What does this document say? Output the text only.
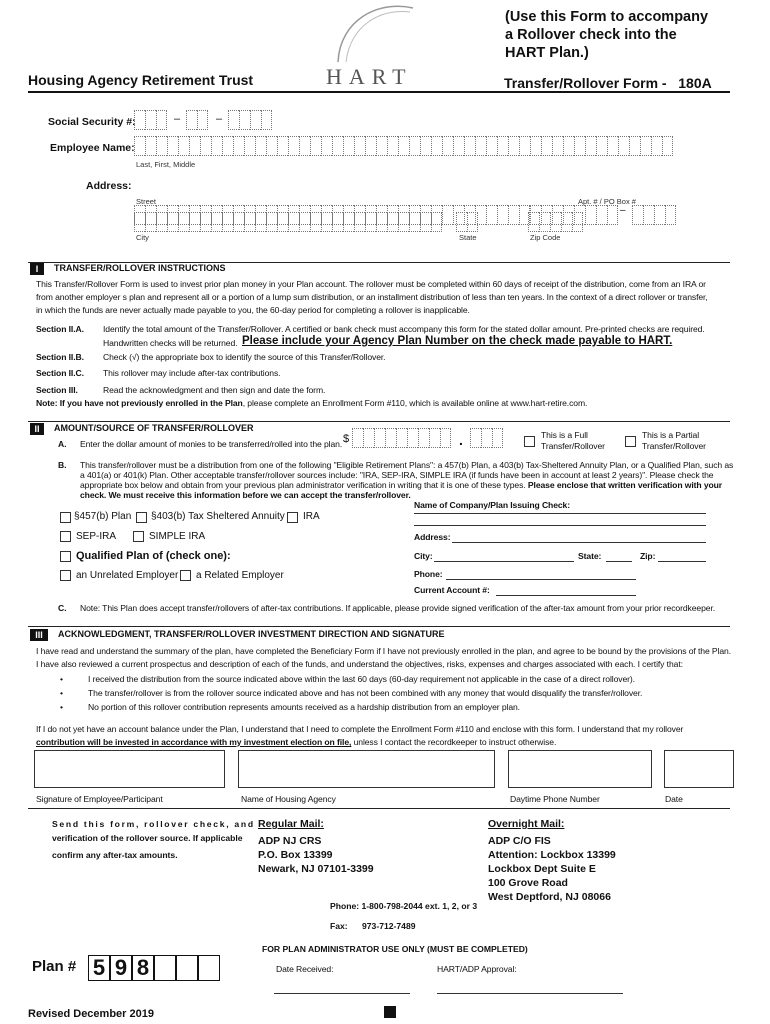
(Use this Form to accompany
a Rollover check into the
HART Plan.)
HART
Housing Agency Retirement Trust	Transfer/Rollover Form -   180A
Social Security #:	–	–
Employee Name:
Last, First, Middle
Address:
Street	Apt. # / PO Box #
–
City	State	Zip Code
I	TRANSFER/ROLLOVER INSTRUCTIONS
This Transfer/Rollover Form is used to invest prior plan money in your Plan account. The rollover must be completed within 60 days of receipt of the distribution, come from an IRA or
from another employer s plan and represent all or a portion of a lump sum distribution, or an installment distribution of less than ten years. In the context of a direct rollover or transfer,
in which the funds are never actually made payable to you, the 60-day period for completing a rollover is inapplicable.
Section II.A. Identify the total amount of the Transfer/Rollover. A certified or bank check must accompany this form for the stated dollar amount. Pre-printed checks are required.
Handwritten checks will be returned. Please include your Agency Plan Number on the check made payable to HART.
Section II.B. Check (√) the appropriate box to identify the source of this Transfer/Rollover.
Section II.C. This rollover may include after-tax contributions.
Section III.	Read the acknowledgment and then sign and date the form.
Note: If you have not previously enrolled in the Plan, please complete an Enrollment Form #110, which is available online at www.hart-retire.com.
II	AMOUNT/SOURCE OF TRANSFER/ROLLOVER
A. Enter the dollar amount of monies to be transferred/rolled into the plan. $	.	This is a Full
Transfer/Rollover
This is a Partial
Transfer/Rollover
B. This transfer/rollover must be a distribution from one of the following "Eligible Retirement Plans": a 457(b) Plan, a 403(b) Tax-Sheltered Annuity Plan, or a Qualified Plan, such as
a 401(a) or 401(k) Plan. Other acceptable transfer/rollover sources include: "IRA, SEP-IRA, SIMPLE IRA (if funds have been in account at least 2 years)". Please check the
appropriate box below and obtain from your previous plan administrator verification in writing that it is one of these types. Please enclose that written verification with your
check. We must receive this information before we can accept the transfer/rollover.
§457(b) Plan §403(b) Tax Sheltered Annuity IRA
SEP-IRA	SIMPLE IRA
Qualified Plan of (check one):
an Unrelated Employer a Related Employer
Name of Company/Plan Issuing Check:
Address:
City:	State:	Zip:
Phone:
Current Account #:
C. Note: This Plan does accept transfer/rollovers of after-tax contributions. If applicable, please provide signed verification of the after-tax amount from your prior recordkeeper.
III	ACKNOWLEDGMENT, TRANSFER/ROLLOVER INVESTMENT DIRECTION AND SIGNATURE
I have read and understand the summary of the plan, have completed the Beneficiary Form if I have not previously enrolled in the plan, and agree to be bound by the provisions of the Plan.
I have also reviewed a current prospectus and description of each of the funds, and understand the objectives, risks, expenses and charges associated with each. I certify that:
•	I received the distribution from the source indicated above within the last 60 days (60-day requirement not applicable in the case of a direct rollover).
•	The transfer/rollover is from the rollover source indicated above and has not been combined with any money that would disqualify the transfer/rollover.
•	No portion of this rollover contribution represents amounts received as a hardship distribution from an employer plan.
If I do not yet have an account balance under the Plan, I understand that I need to complete the Enrollment Form #110 and enclose with this form. I understand that my rollover
contribution will be invested in accordance with my investment election on file, unless I contact the recordkeeper to instruct otherwise.
Signature of Employee/Participant	Name of Housing Agency	Daytime Phone Number	Date
Send this form, rollover check, and
verification of the rollover source. If applicable
confirm any after-tax amounts.
Regular Mail:
ADP NJ CRS
P.O. Box 13399
Newark, NJ 07101-3399
Overnight Mail:
ADP C/O FIS
Attention: Lockbox 13399
Lockbox Dept Suite E
100 Grove Road
West Deptford, NJ 08066
Phone: 1-800-798-2044 ext. 1, 2, or 3
Fax: 973-712-7489
FOR PLAN ADMINISTRATOR USE ONLY (MUST BE COMPLETED)
Plan # 5 9 8	Date Received:	HART/ADP Approval:
Revised December 2019
